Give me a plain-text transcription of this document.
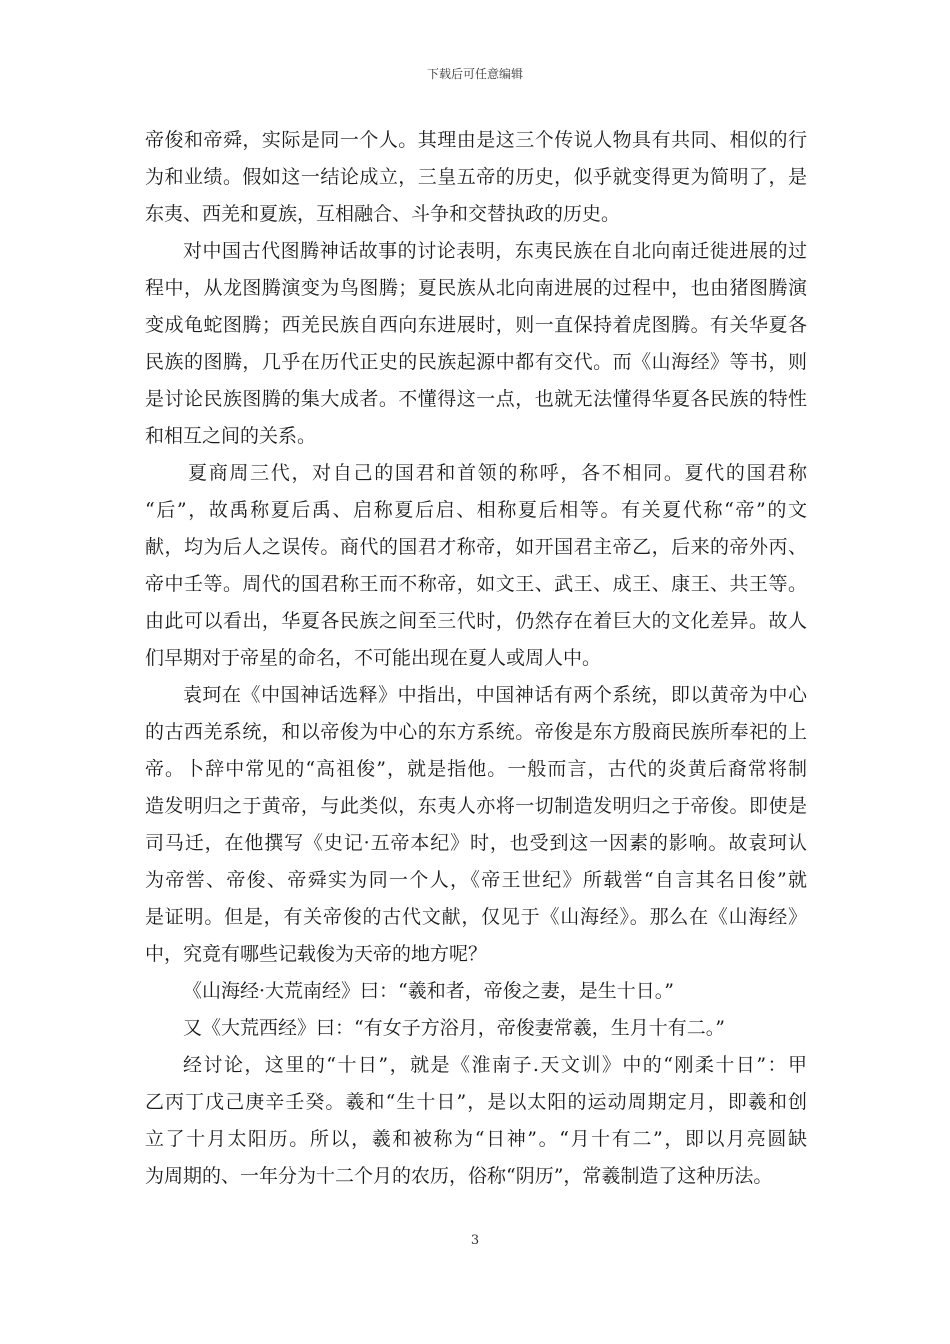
下载后可任意编辑
帝俊和帝舜，实际是同一个人。其理由是这三个传说人物具有共同、相似的行
为和业绩。假如这一结论成立，三皇五帝的历史，似乎就变得更为简明了，是
东夷、西羌和夏族，互相融合、斗争和交替执政的历史。
对中国古代图腾神话故事的讨论表明，东夷民族在自北向南迁徙进展的过
程中，从龙图腾演变为鸟图腾；夏民族从北向南进展的过程中，也由猪图腾演
变成龟蛇图腾；西羌民族自西向东进展时，则一直保持着虎图腾。有关华夏各
民族的图腾，几乎在历代正史的民族起源中都有交代。而《山海经》等书，则
是讨论民族图腾的集大成者。不懂得这一点，也就无法懂得华夏各民族的特性
和相互之间的关系。
夏商周三代，对自己的国君和首领的称呼，各不相同。夏代的国君称
“后”，故禹称夏后禹、启称夏后启、相称夏后相等。有关夏代称“帝”的文
献，均为后人之误传。商代的国君才称帝，如开国君主帝乙，后来的帝外丙、
帝中壬等。周代的国君称王而不称帝，如文王、武王、成王、康王、共王等。
由此可以看出，华夏各民族之间至三代时，仍然存在着巨大的文化差异。故人
们早期对于帝星的命名，不可能出现在夏人或周人中。
袁珂在《中国神话选释》中指出，中国神话有两个系统，即以黄帝为中心
的古西羌系统，和以帝俊为中心的东方系统。帝俊是东方殷商民族所奉祀的上
帝。卜辞中常见的“高祖俊”，就是指他。一般而言，古代的炎黄后裔常将制
造发明归之于黄帝，与此类似，东夷人亦将一切制造发明归之于帝俊。即使是
司马迁，在他撰写《史记·五帝本纪》时，也受到这一因素的影响。故袁珂认
为帝喾、帝俊、帝舜实为同一个人，《帝王世纪》所载喾“自言其名日俊”就
是证明。但是，有关帝俊的古代文献，仅见于《山海经》。那么在《山海经》
中，究竟有哪些记载俊为天帝的地方呢？
《山海经·大荒南经》曰：“羲和者，帝俊之妻，是生十日。”
又《大荒西经》曰：“有女子方浴月，帝俊妻常羲，生月十有二。”
经讨论，这里的“十日”，就是《淮南子.天文训》中的“刚柔十日”：甲
乙丙丁戊己庚辛壬癸。羲和“生十日”，是以太阳的运动周期定月，即羲和创
立了十月太阳历。所以，羲和被称为“日神”。“月十有二”，即以月亮圆缺
为周期的、一年分为十二个月的农历，俗称“阴历”，常羲制造了这种历法。
3
